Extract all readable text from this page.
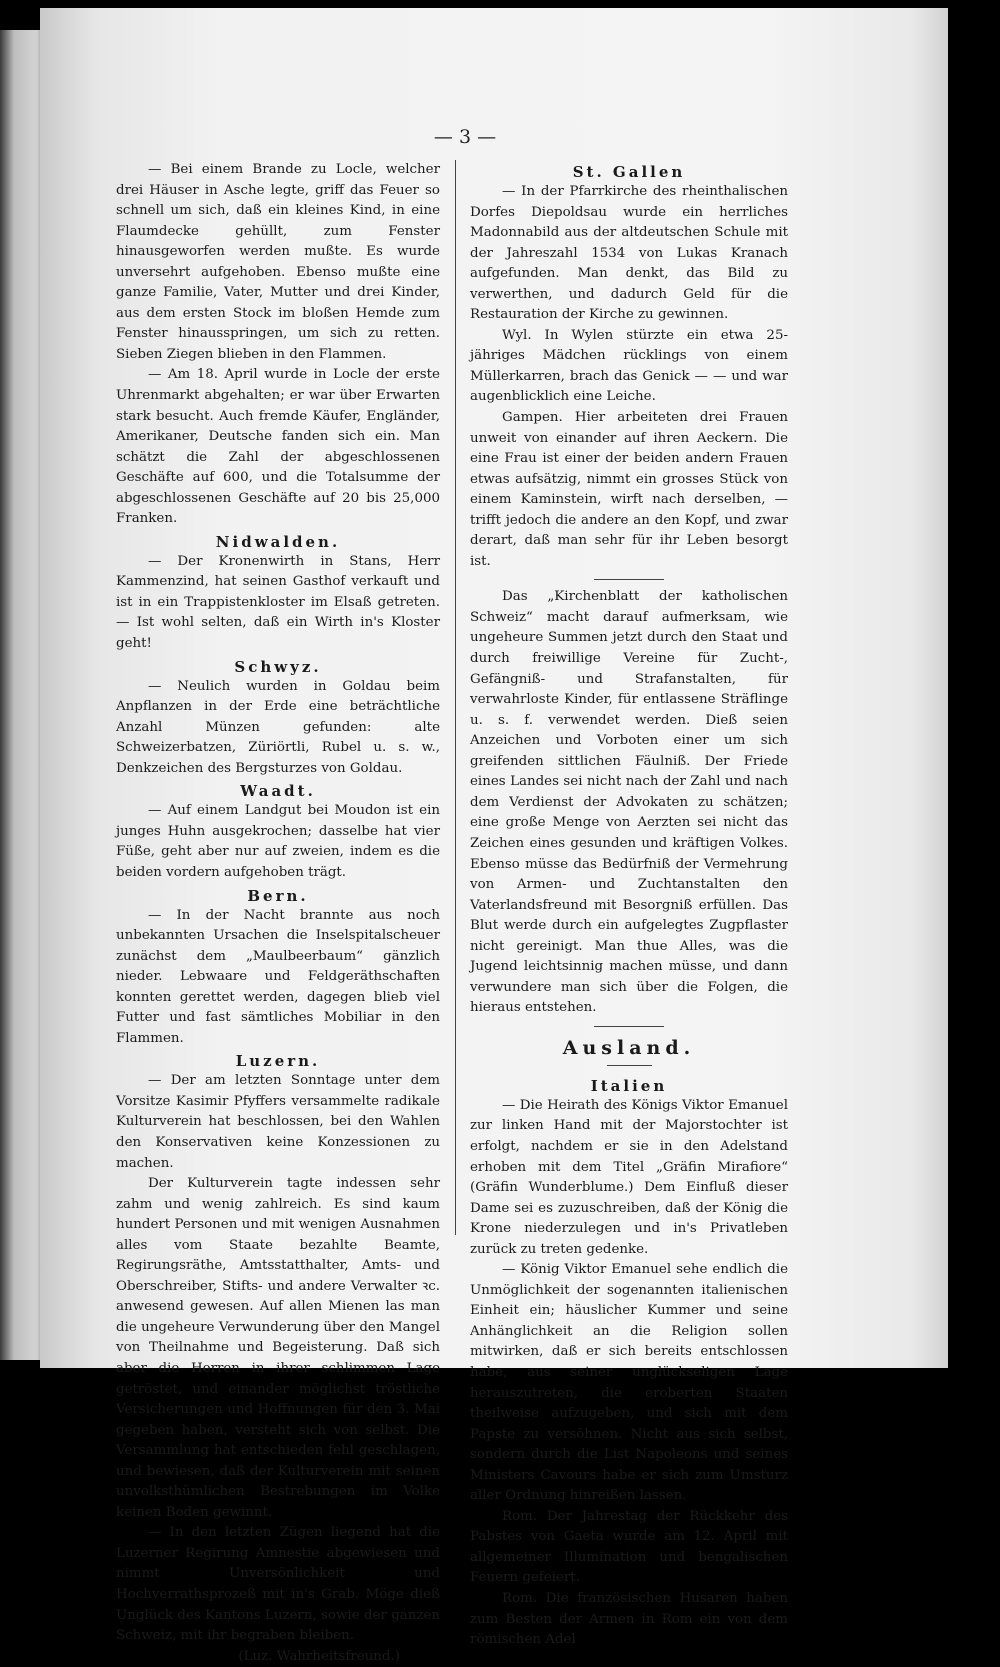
— 3 —

— Bei einem Brande zu Locle, welcher drei Häuser in Asche legte, griff das Feuer so schnell um sich, daß ein kleines Kind, in eine Flaumdecke gehüllt, zum Fenster hinausgeworfen werden mußte. Es wurde unversehrt aufgehoben. Ebenso mußte eine ganze Familie, Vater, Mutter und drei Kinder, aus dem ersten Stock im bloßen Hemde zum Fenster hinausspringen, um sich zu retten. Sieben Ziegen blieben in den Flammen.

— Am 18. April wurde in Locle der erste Uhrenmarkt abgehalten; er war über Erwarten stark besucht. Auch fremde Käufer, Engländer, Amerikaner, Deutsche fanden sich ein. Man schätzt die Zahl der abgeschlossenen Geschäfte auf 600, und die Totalsumme der abgeschlossenen Geschäfte auf 20 bis 25,000 Franken.

Nidwalden.

— Der Kronenwirth in Stans, Herr Kammenzind, hat seinen Gasthof verkauft und ist in ein Trappistenkloster im Elsaß getreten. — Ist wohl selten, daß ein Wirth in's Kloster geht!

Schwyz.

— Neulich wurden in Goldau beim Anpflanzen in der Erde eine beträchtliche Anzahl Münzen gefunden: alte Schweizerbatzen, Züriörtli, Rubel u. s. w., Denkzeichen des Bergsturzes von Goldau.

Waadt.

— Auf einem Landgut bei Moudon ist ein junges Huhn ausgekrochen; dasselbe hat vier Füße, geht aber nur auf zweien, indem es die beiden vordern aufgehoben trägt.

Bern.

— In der Nacht brannte aus noch unbekannten Ursachen die Inselspitalscheuer zunächst dem „Maulbeerbaum“ gänzlich nieder. Lebwaare und Feldgeräthschaften konnten gerettet werden, dagegen blieb viel Futter und fast sämtliches Mobiliar in den Flammen.

Luzern.

— Der am letzten Sonntage unter dem Vorsitze Kasimir Pfyffers versammelte radikale Kulturverein hat beschlossen, bei den Wahlen den Konservativen keine Konzessionen zu machen.

Der Kulturverein tagte indessen sehr zahm und wenig zahlreich. Es sind kaum hundert Personen und mit wenigen Ausnahmen alles vom Staate bezahlte Beamte, Regirungsräthe, Amtsstatthalter, Amts- und Oberschreiber, Stifts- und andere Verwalter ꝛc. anwesend gewesen. Auf allen Mienen las man die ungeheure Verwunderung über den Mangel von Theilnahme und Begeisterung. Daß sich aber die Herren in ihrer schlimmen Lage getröstet, und einander möglichst tröstliche Versicherungen und Hoffnungen für den 3. Mai gegeben haben, versteht sich von selbst. Die Versammlung hat entschieden fehl geschlagen, und bewiesen, daß der Kulturverein mit seinen unvolksthümlichen Bestrebungen im Volke keinen Boden gewinnt.

— In den letzten Zügen liegend hat die Luzerner Regirung Amnestie abgewiesen und nimmt Unversönlichkeit und Hochverrathsprozeß mit in's Grab. Möge dieß Unglück des Kantons Luzern, sowie der ganzen Schweiz, mit ihr begraben bleiben.

(Luz. Wahrheitsfreund.)

St. Gallen

— In der Pfarrkirche des rheinthalischen Dorfes Diepoldsau wurde ein herrliches Madonnabild aus der altdeutschen Schule mit der Jahreszahl 1534 von Lukas Kranach aufgefunden. Man denkt, das Bild zu verwerthen, und dadurch Geld für die Restauration der Kirche zu gewinnen.

Wyl. In Wylen stürzte ein etwa 25-jähriges Mädchen rücklings von einem Müllerkarren, brach das Genick — — und war augenblicklich eine Leiche.

Gampen. Hier arbeiteten drei Frauen unweit von einander auf ihren Aeckern. Die eine Frau ist einer der beiden andern Frauen etwas aufsätzig, nimmt ein grosses Stück von einem Kaminstein, wirft nach derselben, — trifft jedoch die andere an den Kopf, und zwar derart, daß man sehr für ihr Leben besorgt ist.

Das „Kirchenblatt der katholischen Schweiz“ macht darauf aufmerksam, wie ungeheure Summen jetzt durch den Staat und durch freiwillige Vereine für Zucht-, Gefängniß- und Strafanstalten, für verwahrloste Kinder, für entlassene Sträflinge u. s. f. verwendet werden. Dieß seien Anzeichen und Vorboten einer um sich greifenden sittlichen Fäulniß. Der Friede eines Landes sei nicht nach der Zahl und nach dem Verdienst der Advokaten zu schätzen; eine große Menge von Aerzten sei nicht das Zeichen eines gesunden und kräftigen Volkes. Ebenso müsse das Bedürfniß der Vermehrung von Armen- und Zuchtanstalten den Vaterlandsfreund mit Besorgniß erfüllen. Das Blut werde durch ein aufgelegtes Zugpflaster nicht gereinigt. Man thue Alles, was die Jugend leichtsinnig machen müsse, und dann verwundere man sich über die Folgen, die hieraus entstehen.

Ausland.
Italien

— Die Heirath des Königs Viktor Emanuel zur linken Hand mit der Majorstochter ist erfolgt, nachdem er sie in den Adelstand erhoben mit dem Titel „Gräfin Mirafiore“ (Gräfin Wunderblume.) Dem Einfluß dieser Dame sei es zuzuschreiben, daß der König die Krone niederzulegen und in's Privatleben zurück zu treten gedenke.

— König Viktor Emanuel sehe endlich die Unmöglichkeit der sogenannten italienischen Einheit ein; häuslicher Kummer und seine Anhänglichkeit an die Religion sollen mitwirken, daß er sich bereits entschlossen habe, aus seiner unglückseligen Lage herauszutreten, die eroberten Staaten theilweise aufzugeben, und sich mit dem Papste zu versöhnen. Nicht aus sich selbst, sondern durch die List Napoleons und seines Ministers Cavours habe er sich zum Umsturz aller Ordnung hinreißen lassen.

Rom. Der Jahrestag der Rückkehr des Pabstes von Gaeta wurde am 12. April mit allgemeiner Illumination und bengalischen Feuern gefeiert.

Rom. Die französischen Husaren haben zum Besten der Armen in Rom ein von dem römischen Adel
